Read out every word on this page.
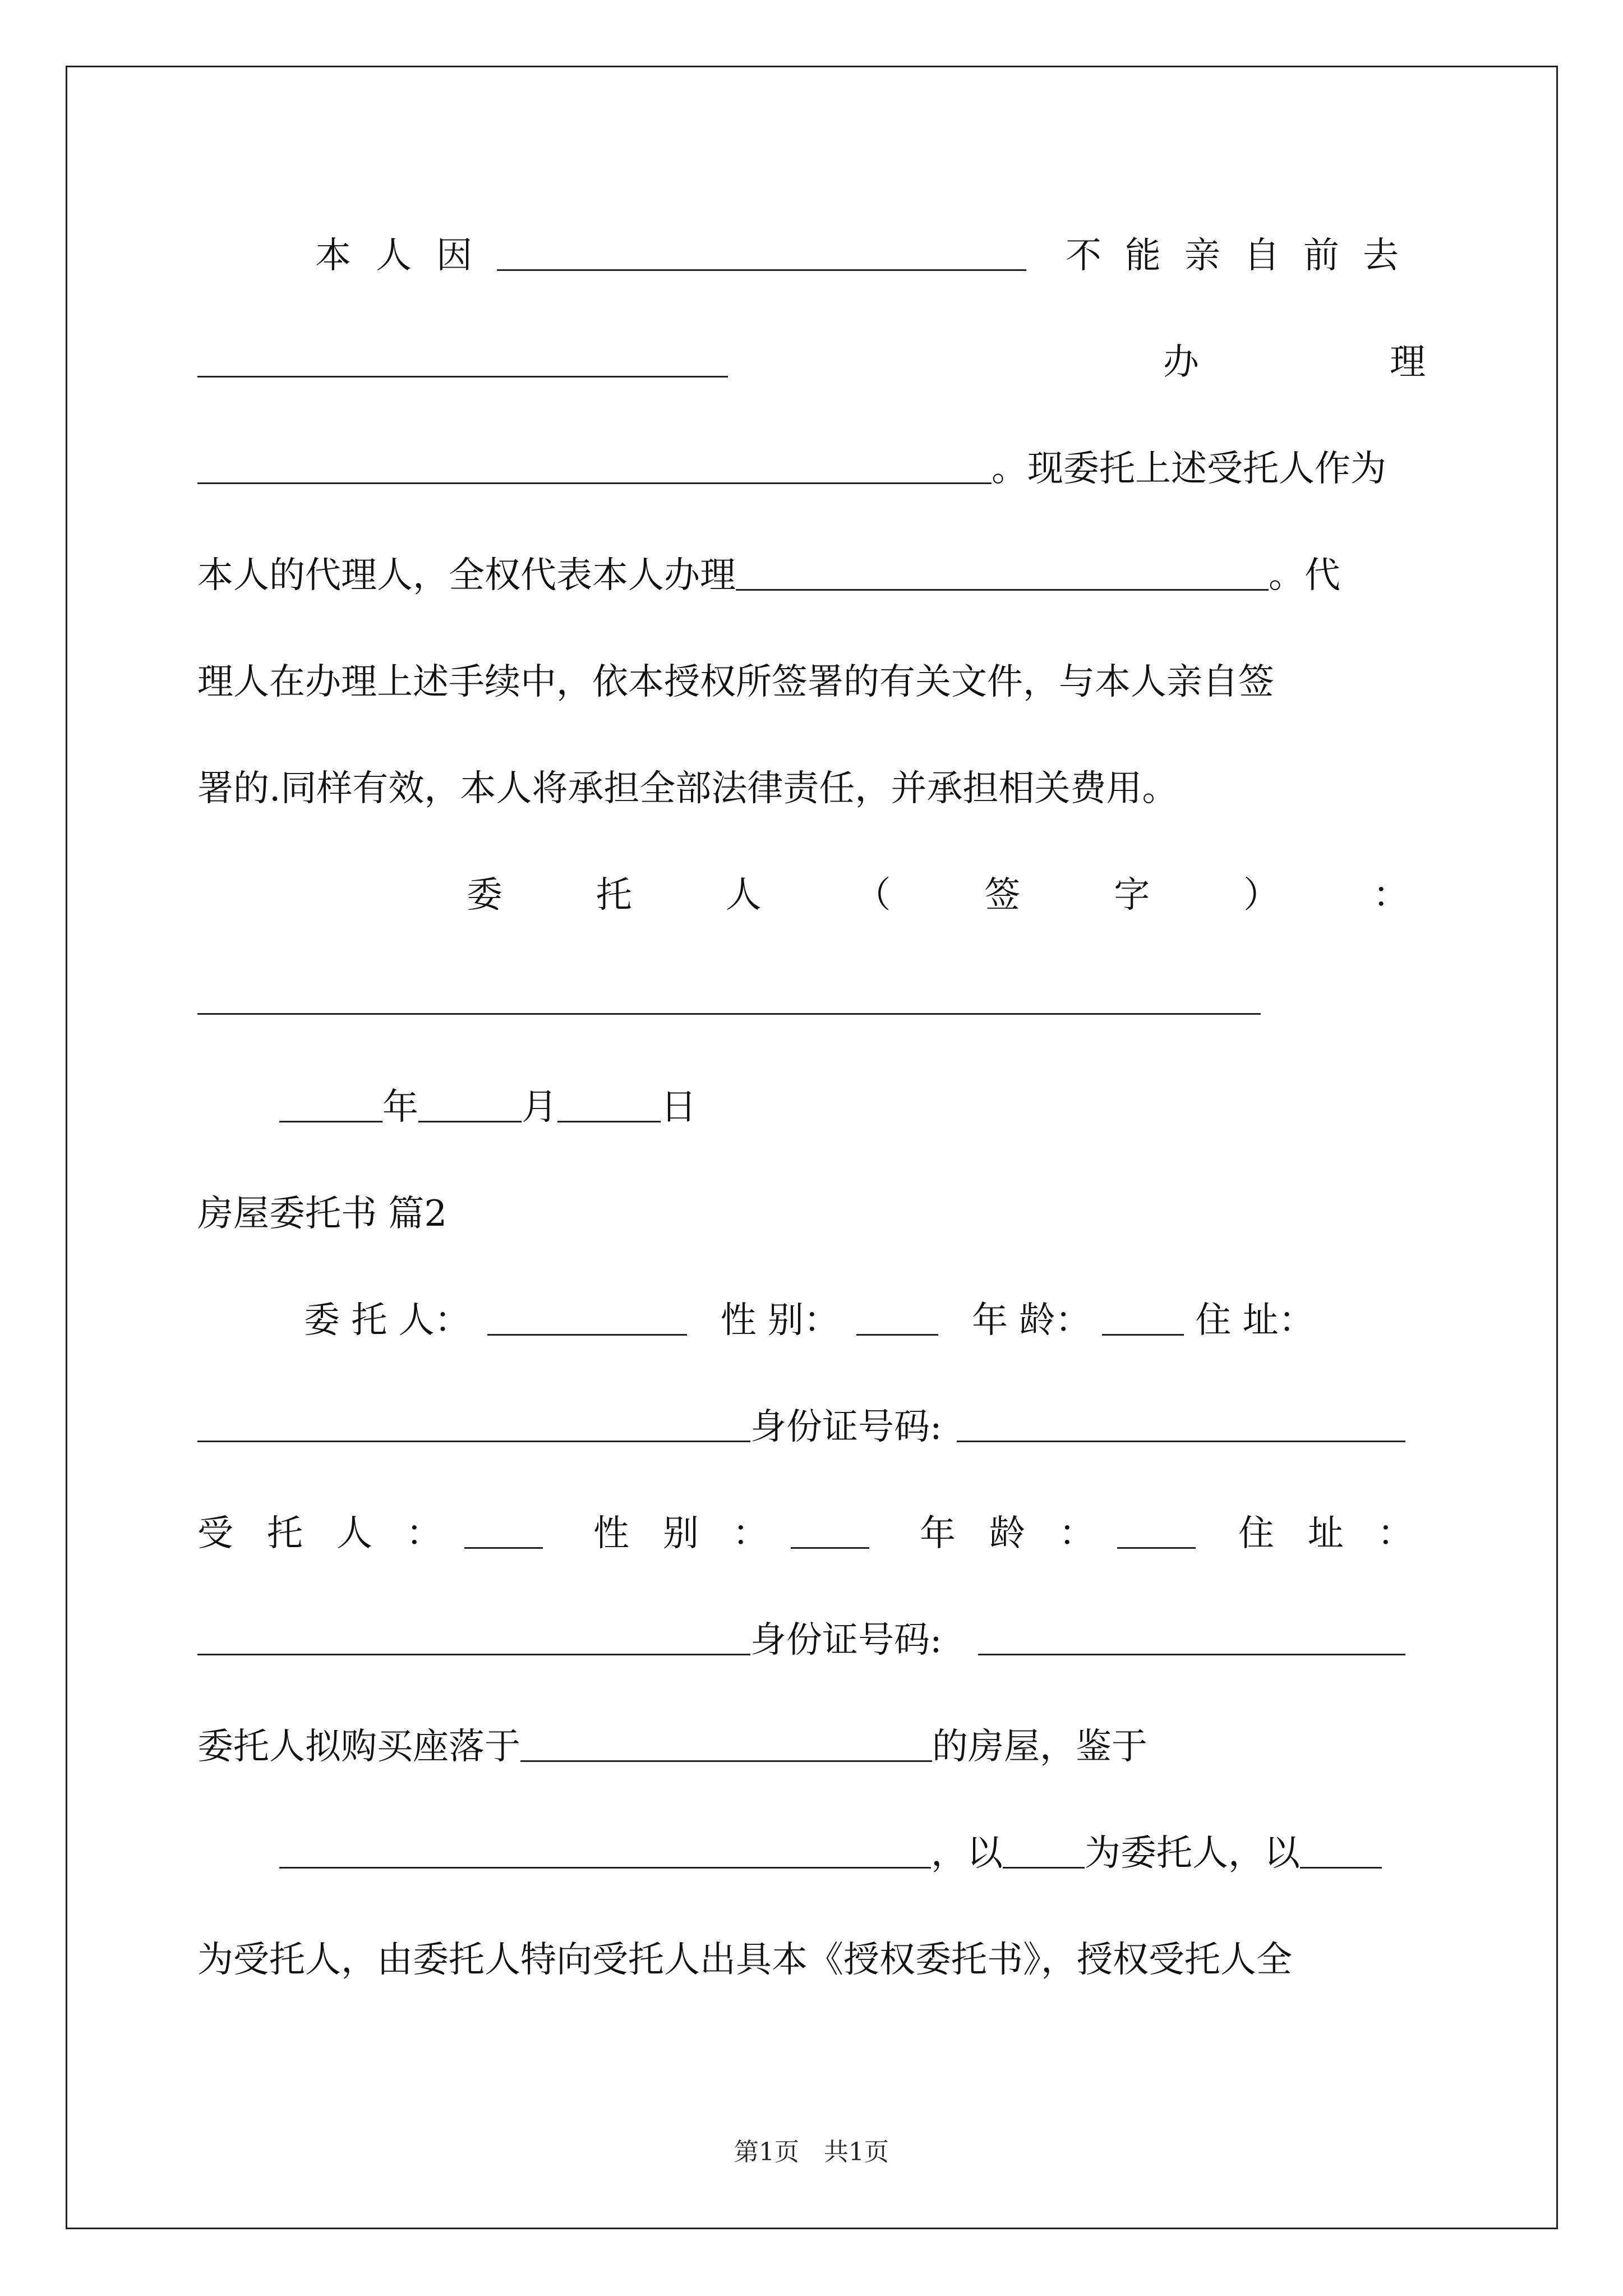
本 人 因	不 能 亲 自 前 去
办	理
。现委托上述受托人作为
本人的代理人，全权代表本人办理	。代
理人在办理上述手续中，依本授权所签署的有关文件，与本人亲自签
署的.同样有效，本人将承担全部法律责任，并承担相关费用。
委	托	人	（	签	字	）	：
年	月	日
房屋委托书 篇2
委 托 人：	性 别：	年 龄：	住 址：
身份证号码:
受 托 人 ：	性 别 ：	年 龄 ：	住 址 ：
身份证号码:
委托人拟购买座落于	的房屋，鉴于
，以 为委托人，以
为受托人，由委托人特向受托人出具本《授权委托书》，授权受托人全
第1页　共1页
